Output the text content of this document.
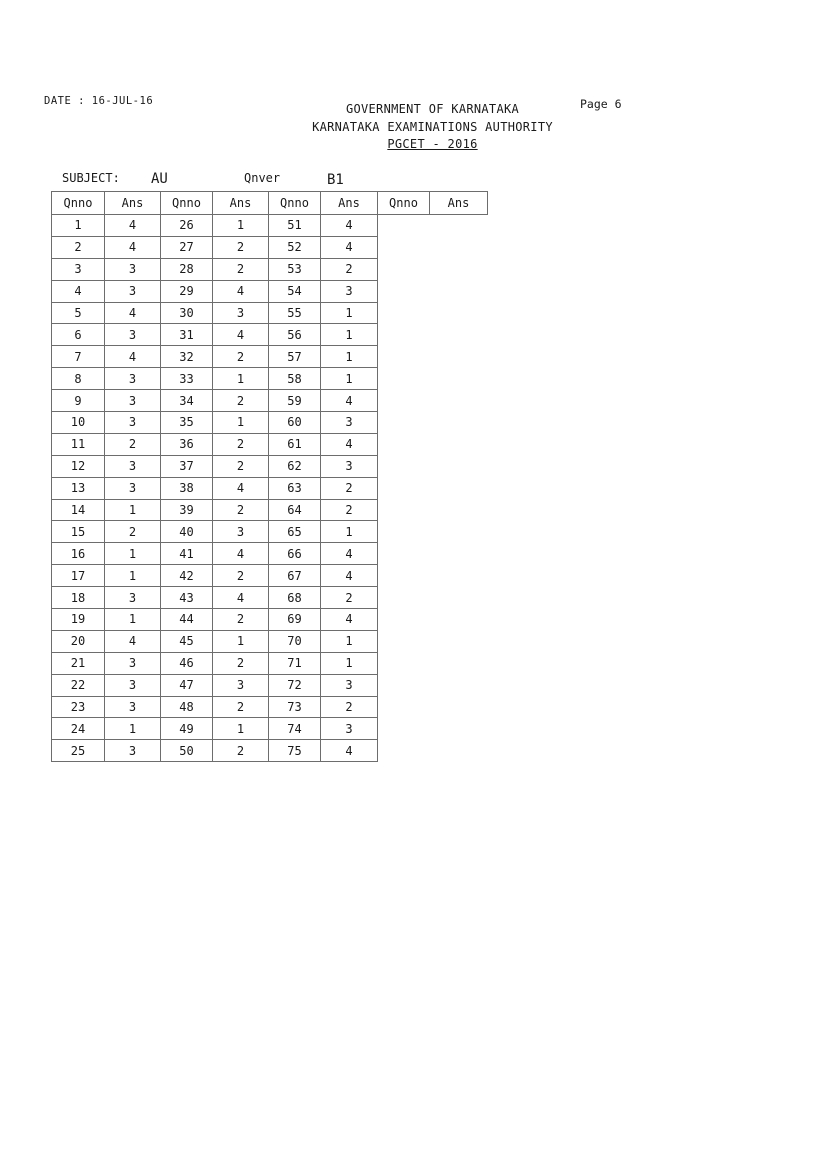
DATE : 16-JUL-16	Page 6
GOVERNMENT OF KARNATAKA
KARNATAKA EXAMINATIONS AUTHORITY
PGCET - 2016
SUBJECT: AU	Qnver	B1
Qnno	Ans	Qnno	Ans	Qnno	Ans	Qnno	Ans
1	4	26	1	51	4		
2	4	27	2	52	4		
3	3	28	2	53	2		
4	3	29	4	54	3		
5	4	30	3	55	1		
6	3	31	4	56	1		
7	4	32	2	57	1		
8	3	33	1	58	1		
9	3	34	2	59	4		
10	3	35	1	60	3		
11	2	36	2	61	4		
12	3	37	2	62	3		
13	3	38	4	63	2		
14	1	39	2	64	2		
15	2	40	3	65	1		
16	1	41	4	66	4		
17	1	42	2	67	4		
18	3	43	4	68	2		
19	1	44	2	69	4		
20	4	45	1	70	1		
21	3	46	2	71	1		
22	3	47	3	72	3		
23	3	48	2	73	2		
24	1	49	1	74	3		
25	3	50	2	75	4		
